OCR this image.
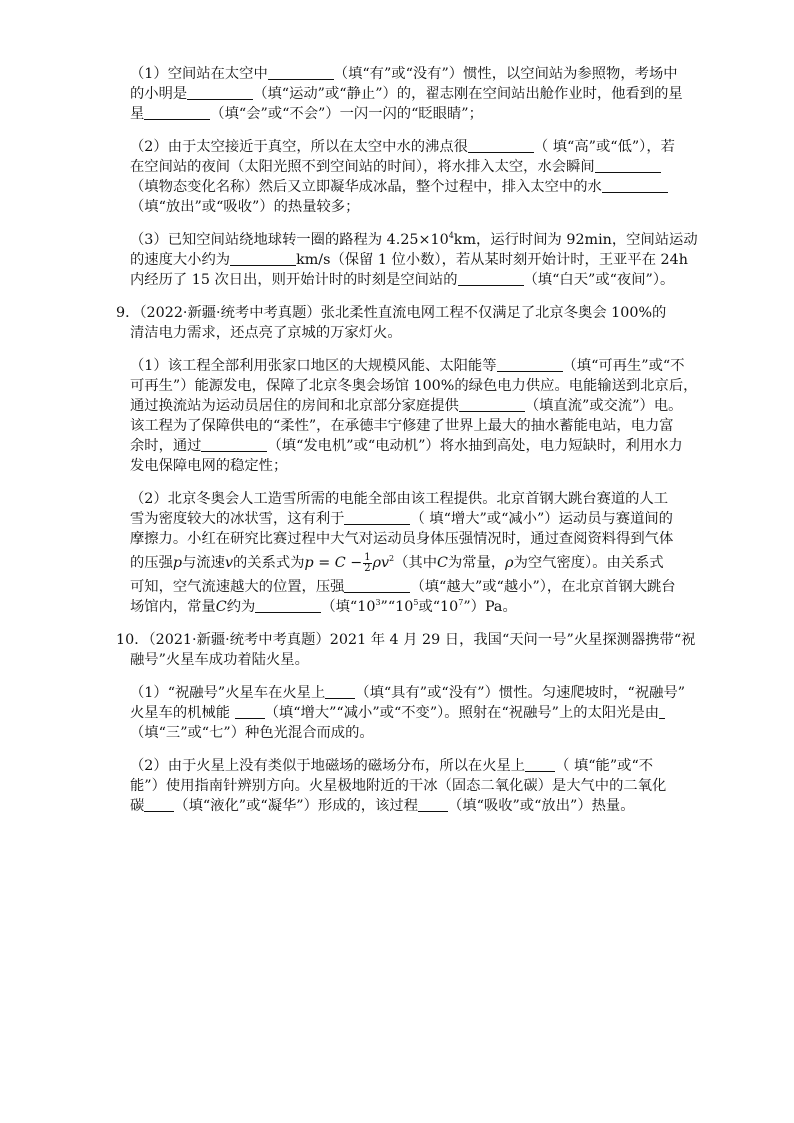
（1）空间站在太空中	（填“有”或“没有”）惯性，以空间站为参照物，考场中

的小明是	（填“运动”或“静止”）的，翟志刚在空间站出舱作业时，他看到的星

星	（填“会”或“不会”）一闪一闪的“眨眼睛”；

（2）由于太空接近于真空，所以在太空中水的沸点很	（ 填“高”或“低”），若

在空间站的夜间（太阳光照不到空间站的时间），将水排入太空，水会瞬间

（填物态变化名称）然后又立即凝华成冰晶，整个过程中，排入太空中的水

（填“放出”或“吸收”）的热量较多；

（3）已知空间站绕地球转一圈的路程为 $4.25\times 10^4km$，运行时间为 92min，空间站运动

的速度大小约为	km/s（保留 1 位小数），若从某时刻开始计时，王亚平在 24h

内经历了 15 次日出，则开始计时的时刻是空间站的	（填“白天”或“夜间”）。

9．（2022·新疆·统考中考真题）张北柔性直流电网工程不仅满足了北京冬奥会 100%的

清洁电力需求，还点亮了京城的万家灯火。

（1）该工程全部利用张家口地区的大规模风能、太阳能等	（填“可再生”或“不

可再生”）能源发电，保障了北京冬奥会场馆 100%的绿色电力供应。电能输送到北京后，

通过换流站为运动员居住的房间和北京部分家庭提供	（填直流”或交流”）电。

该工程为了保障供电的“柔性”，在承德丰宁修建了世界上最大的抽水蓄能电站，电力富

余时，通过	（填“发电机”或“电动机”）将水抽到高处，电力短缺时，利用水力

发电保障电网的稳定性；

（2）北京冬奥会人工造雪所需的电能全部由该工程提供。北京首钢大跳台赛道的人工

雪为密度较大的冰状雪，这有利于	（ 填“增大”或“减小”）运动员与赛道间的

摩擦力。小红在研究比赛过程中大气对运动员身体压强情况时，通过查阅资料得到气体

的压强p与流速v的关系式为$p = C - \frac{1}{2} \rho v^2$（其中C为常量，ρ为空气密度）。由关系式

可知，空气流速越大的位置，压强	（填“越大”或“越小”），在北京首钢大跳台

场馆内，常量C约为	（填“$10^3”“10^5$或“$10^7”)Pa$。

10．（2021·新疆·统考中考真题）2021 年 4 月 29 日，我国“天问一号”火星探测器携带“祝

融号”火星车成功着陆火星。

（1）“祝融号”火星车在火星上 （填“具有”或“没有”）惯性。匀速爬坡时，“祝融号”

火星车的机械能 （填“增大”“减小”或“不变”）。照射在“祝融号”上的太阳光是由

（填“三”或“七”）种色光混合而成的。

（2）由于火星上没有类似于地磁场的磁场分布，所以在火星上 （ 填“能”或“不

能”）使用指南针辨别方向。火星极地附近的干冰（固态二氧化碳）是大气中的二氧化

碳 （填“液化”或“凝华”）形成的，该过程 （填“吸收”或“放出”）热量。
